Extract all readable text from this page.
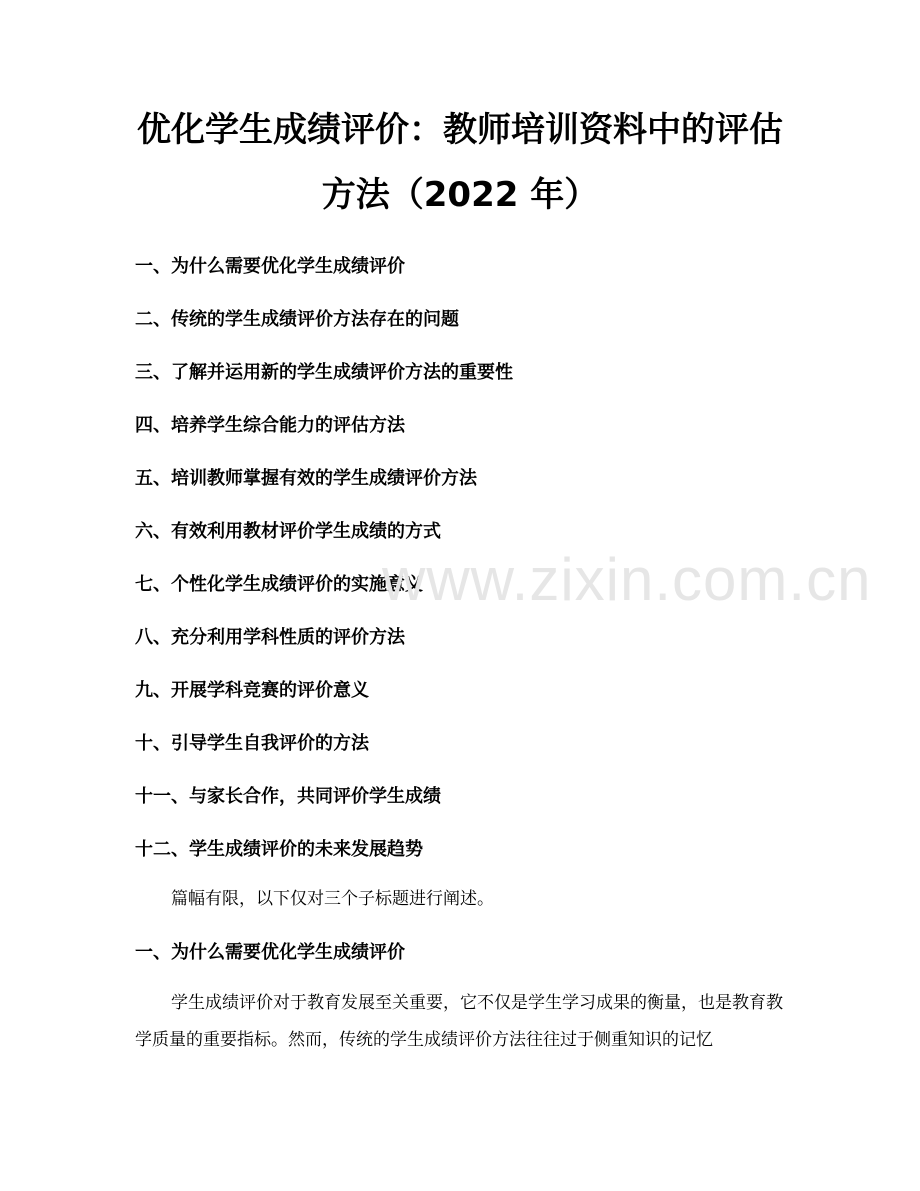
优化学生成绩评价：教师培训资料中的评估
方法（2022 年）
一、为什么需要优化学生成绩评价
二、传统的学生成绩评价方法存在的问题
三、了解并运用新的学生成绩评价方法的重要性
四、培养学生综合能力的评估方法
五、培训教师掌握有效的学生成绩评价方法
六、有效利用教材评价学生成绩的方式
七、个性化学生成绩评价的实施意义
八、充分利用学科性质的评价方法
九、开展学科竞赛的评价意义
十、引导学生自我评价的方法
十一、与家长合作，共同评价学生成绩
十二、学生成绩评价的未来发展趋势
篇幅有限，以下仅对三个子标题进行阐述。
一、为什么需要优化学生成绩评价

学生成绩评价对于教育发展至关重要，它不仅是学生学习成果的衡量，也是教育教学质量的重要指标。然而，传统的学生成绩评价方法往往过于侧重知识的记忆

www.zixin.com.cn
